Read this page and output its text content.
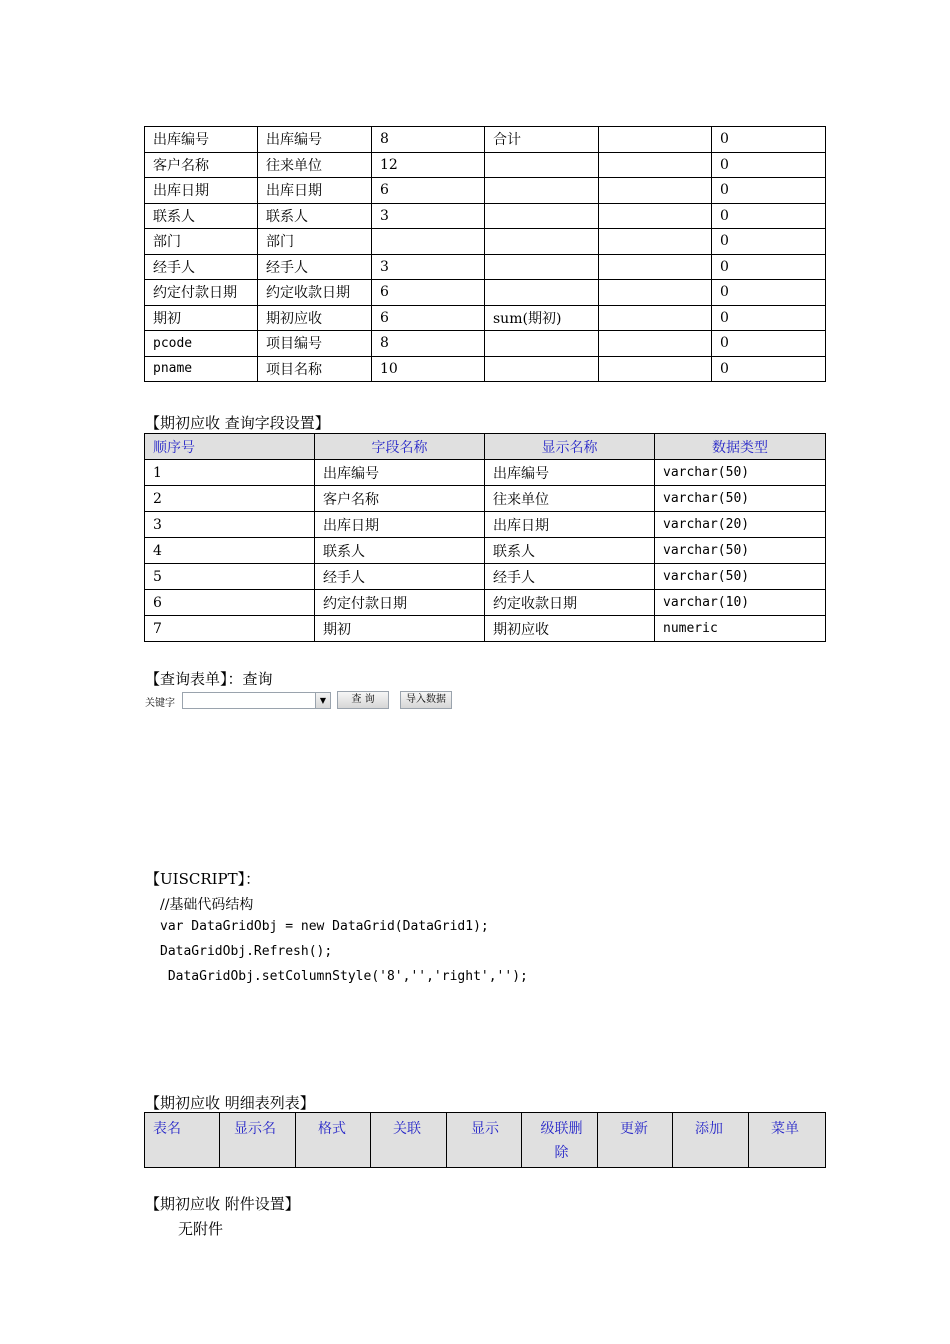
出库编号	出库编号	8	合计		0
客户名称	往来单位	12			0
出库日期	出库日期	6			0
联系人	联系人	3			0
部门	部门				0
经手人	经手人	3			0
约定付款日期	约定收款日期	6			0
期初	期初应收	6	sum(期初)		0
pcode	项目编号	8			0
pname	项目名称	10			0
【期初应收 查询字段设置】
顺序号	字段名称	显示名称	数据类型
1	出库编号	出库编号	varchar(50)
2	客户名称	往来单位	varchar(50)
3	出库日期	出库日期	varchar(20)
4	联系人	联系人	varchar(50)
5	经手人	经手人	varchar(50)
6	约定付款日期	约定收款日期	varchar(10)
7	期初	期初应收	numeric
【查询表单】：查询
关键字	▼	查 询	导入数据
【UISCRIPT】：
//基础代码结构
var DataGridObj = new DataGrid(DataGrid1);
DataGridObj.Refresh();
DataGridObj.setColumnStyle('8','','right','');
【期初应收 明细表列表】
表名	显示名	格式	关联	显示	级联删除	更新	添加	菜单
【期初应收 附件设置】
无附件
